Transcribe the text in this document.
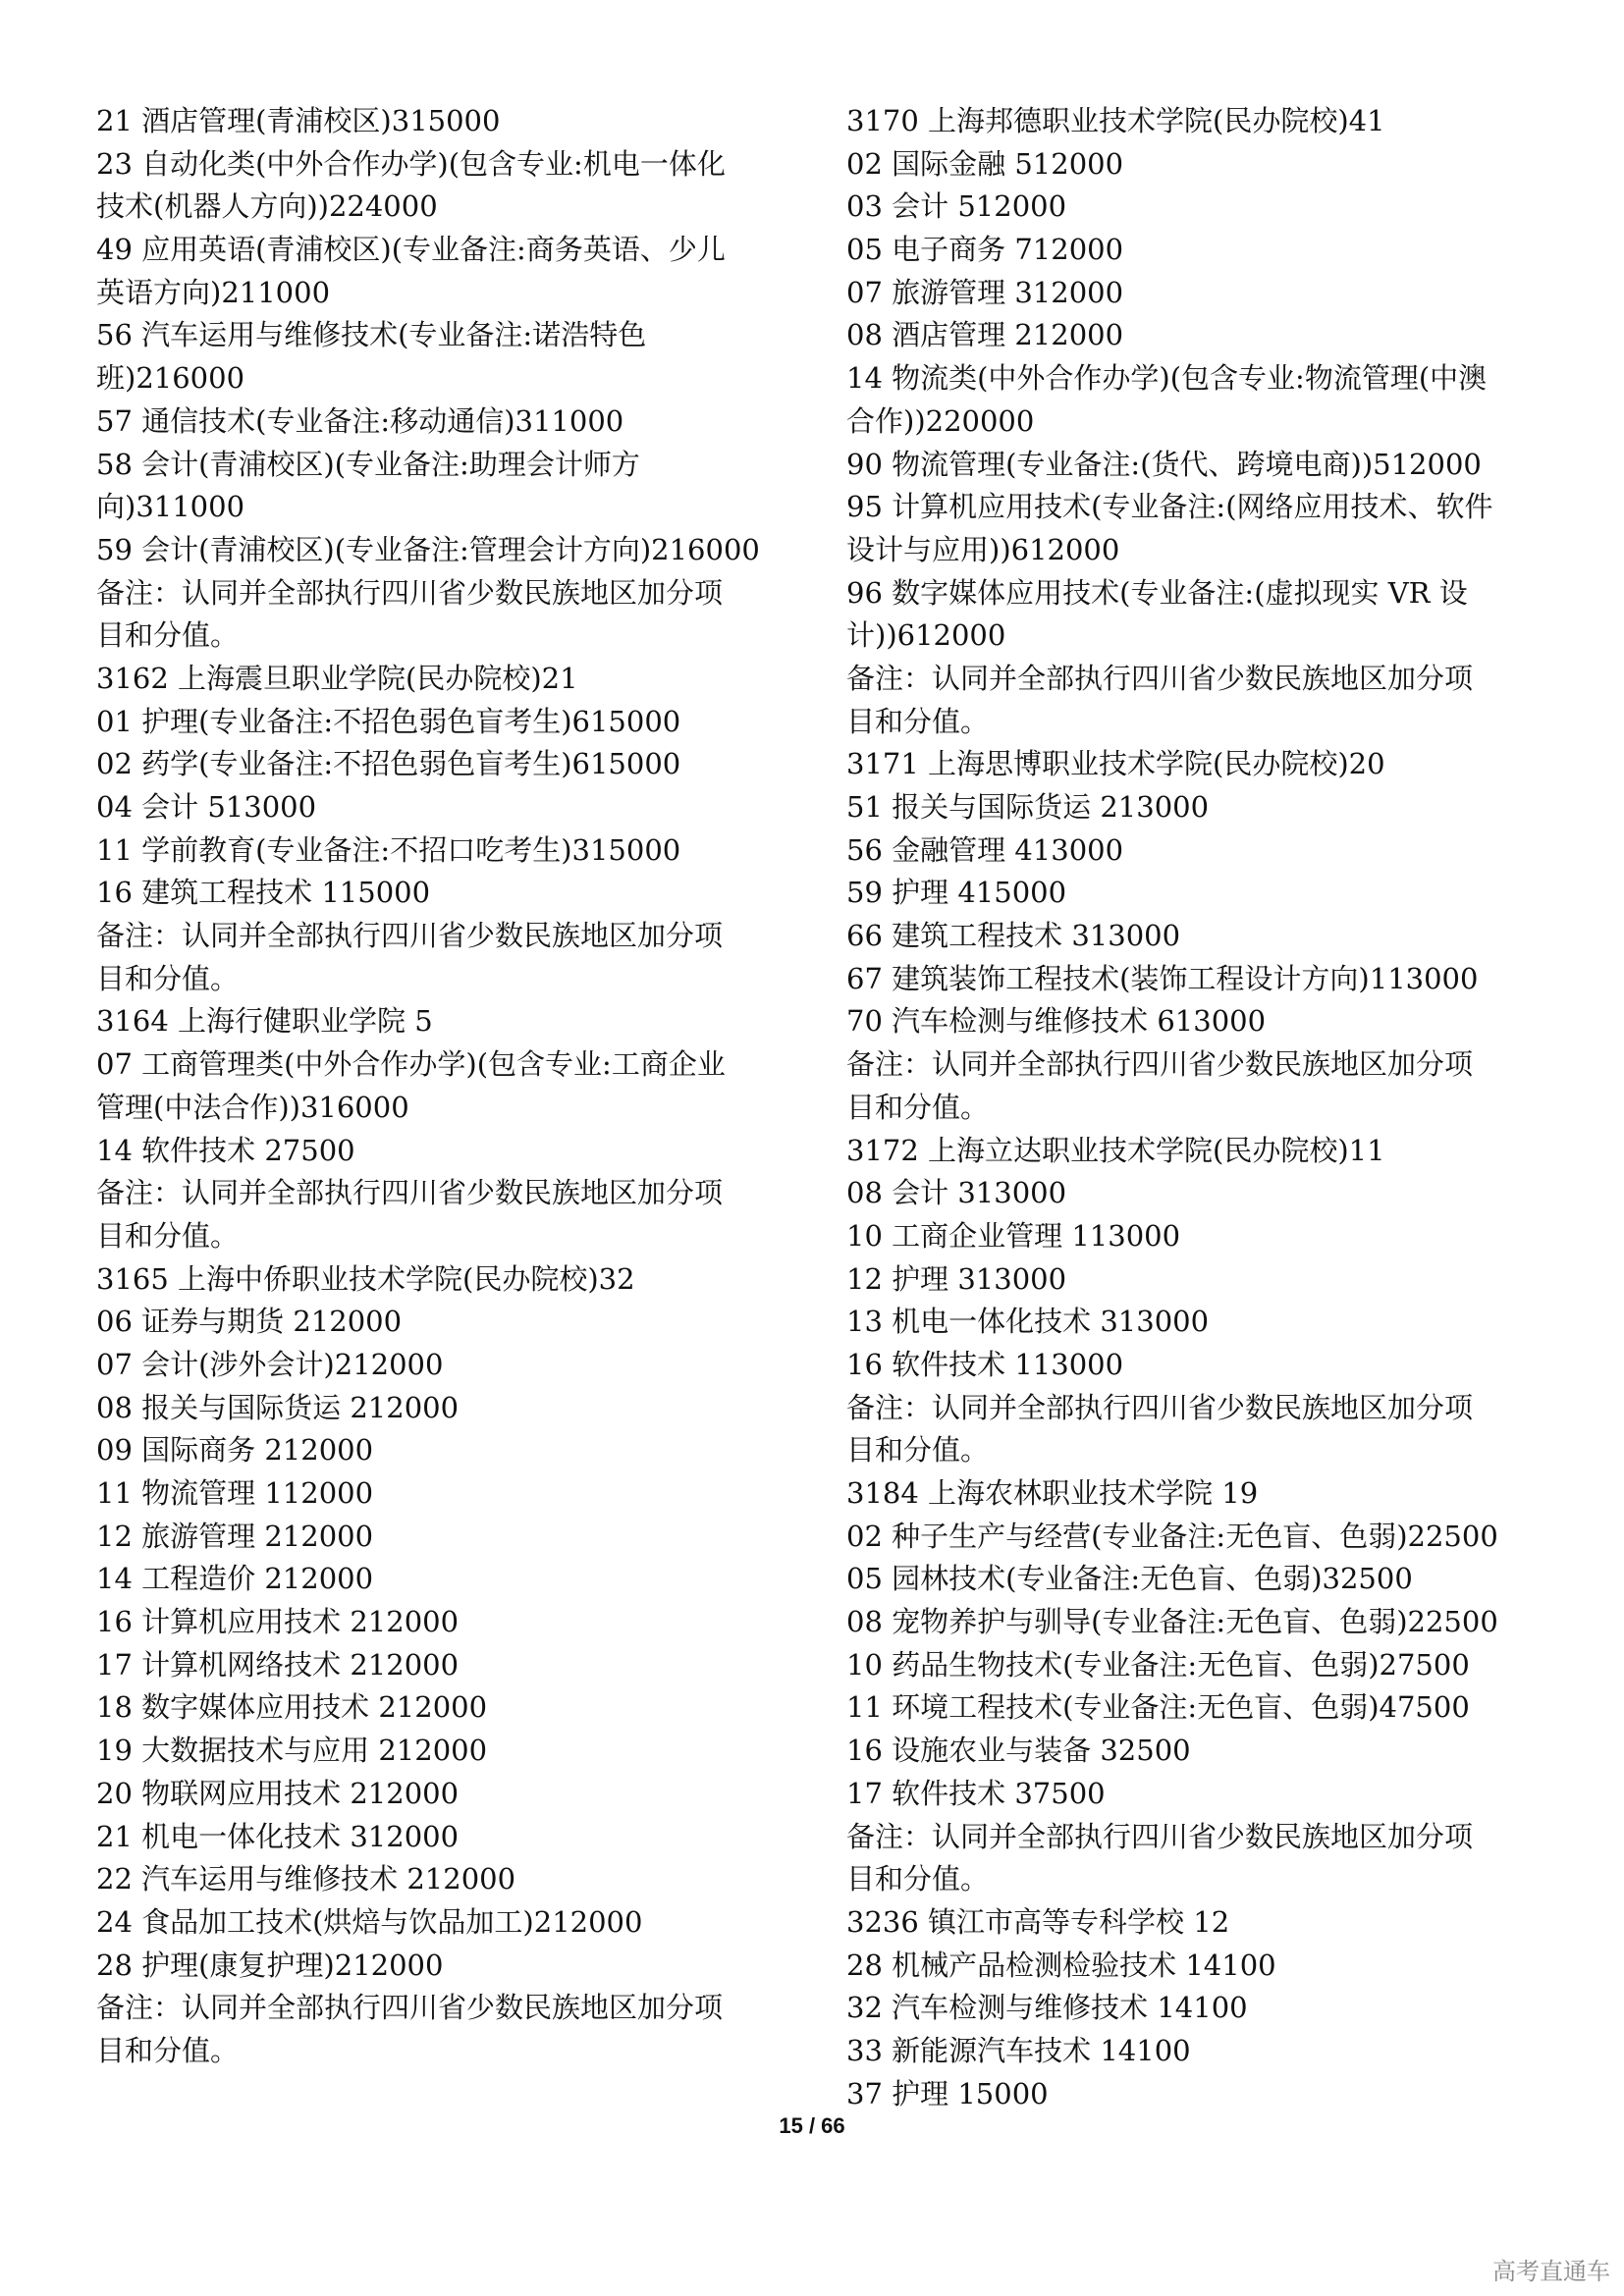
21 酒店管理(青浦校区)315000
23 自动化类(中外合作办学)(包含专业:机电一体化
技术(机器人方向))224000
49 应用英语(青浦校区)(专业备注:商务英语、少儿
英语方向)211000
56 汽车运用与维修技术(专业备注:诺浩特色
班)216000
57 通信技术(专业备注:移动通信)311000
58 会计(青浦校区)(专业备注:助理会计师方
向)311000
59 会计(青浦校区)(专业备注:管理会计方向)216000
备注：认同并全部执行四川省少数民族地区加分项
目和分值。
3162 上海震旦职业学院(民办院校)21
01 护理(专业备注:不招色弱色盲考生)615000
02 药学(专业备注:不招色弱色盲考生)615000
04 会计 513000
11 学前教育(专业备注:不招口吃考生)315000
16 建筑工程技术 115000
备注：认同并全部执行四川省少数民族地区加分项
目和分值。
3164 上海行健职业学院 5
07 工商管理类(中外合作办学)(包含专业:工商企业
管理(中法合作))316000
14 软件技术 27500
备注：认同并全部执行四川省少数民族地区加分项
目和分值。
3165 上海中侨职业技术学院(民办院校)32
06 证券与期货 212000
07 会计(涉外会计)212000
08 报关与国际货运 212000
09 国际商务 212000
11 物流管理 112000
12 旅游管理 212000
14 工程造价 212000
16 计算机应用技术 212000
17 计算机网络技术 212000
18 数字媒体应用技术 212000
19 大数据技术与应用 212000
20 物联网应用技术 212000
21 机电一体化技术 312000
22 汽车运用与维修技术 212000
24 食品加工技术(烘焙与饮品加工)212000
28 护理(康复护理)212000
备注：认同并全部执行四川省少数民族地区加分项
目和分值。
3170 上海邦德职业技术学院(民办院校)41
02 国际金融 512000
03 会计 512000
05 电子商务 712000
07 旅游管理 312000
08 酒店管理 212000
14 物流类(中外合作办学)(包含专业:物流管理(中澳
合作))220000
90 物流管理(专业备注:(货代、跨境电商))512000
95 计算机应用技术(专业备注:(网络应用技术、软件
设计与应用))612000
96 数字媒体应用技术(专业备注:(虚拟现实 VR 设
计))612000
备注：认同并全部执行四川省少数民族地区加分项
目和分值。
3171 上海思博职业技术学院(民办院校)20
51 报关与国际货运 213000
56 金融管理 413000
59 护理 415000
66 建筑工程技术 313000
67 建筑装饰工程技术(装饰工程设计方向)113000
70 汽车检测与维修技术 613000
备注：认同并全部执行四川省少数民族地区加分项
目和分值。
3172 上海立达职业技术学院(民办院校)11
08 会计 313000
10 工商企业管理 113000
12 护理 313000
13 机电一体化技术 313000
16 软件技术 113000
备注：认同并全部执行四川省少数民族地区加分项
目和分值。
3184 上海农林职业技术学院 19
02 种子生产与经营(专业备注:无色盲、色弱)22500
05 园林技术(专业备注:无色盲、色弱)32500
08 宠物养护与驯导(专业备注:无色盲、色弱)22500
10 药品生物技术(专业备注:无色盲、色弱)27500
11 环境工程技术(专业备注:无色盲、色弱)47500
16 设施农业与装备 32500
17 软件技术 37500
备注：认同并全部执行四川省少数民族地区加分项
目和分值。
3236 镇江市高等专科学校 12
28 机械产品检测检验技术 14100
32 汽车检测与维修技术 14100
33 新能源汽车技术 14100
37 护理 15000
15 / 66
高考直通车
